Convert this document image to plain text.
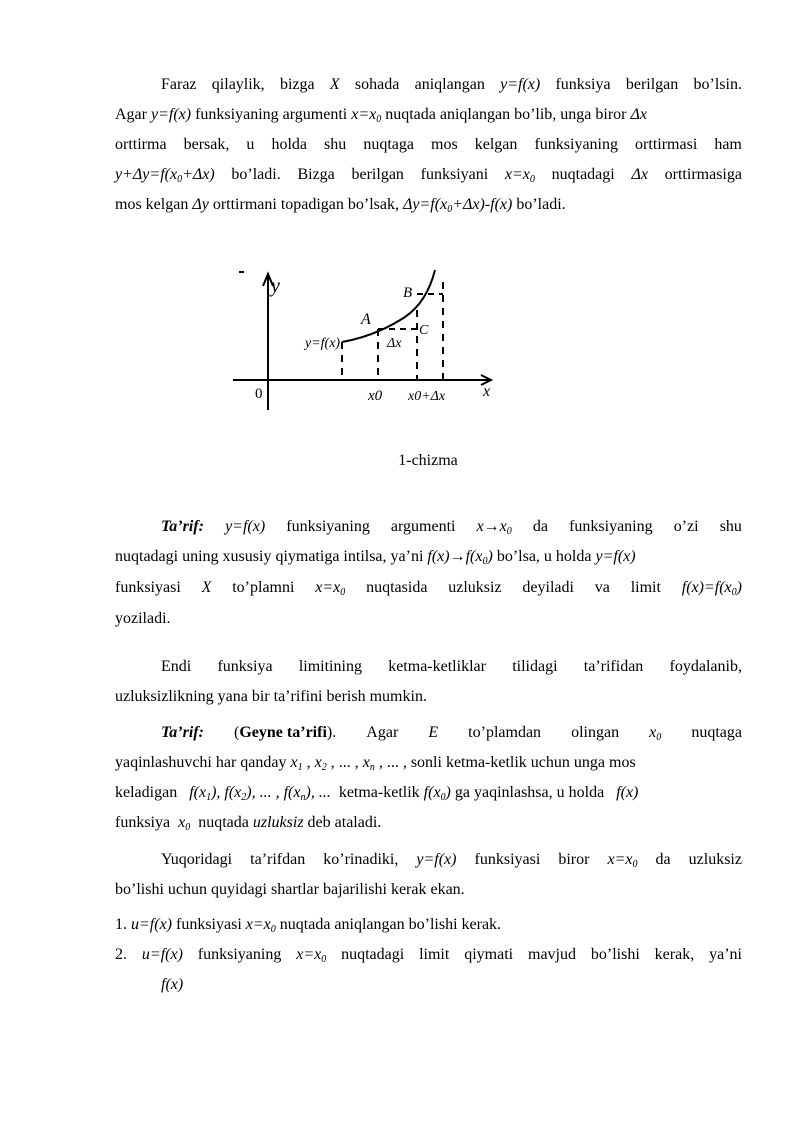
Faraz qilaylik, bizga X sohada aniqlangan y=f(x) funksiya berilgan bo’lsin.
Agar y=f(x) funksiyaning argumenti $x=x_0$ nuqtada aniqlangan bo’lib, unga biror Δx
orttirma bersak, u holda shu nuqtaga mos kelgan funksiyaning orttirmasi ham
$y+\Delta y=f(x_0+\Delta x)$ bo’ladi. Bizga berilgan funksiyani $x=x_0$ nuqtadagi Δx orttirmasiga
mos kelgan Δy orttirmani topadigan bo’lsak, $\Delta y=f(x_0+\Delta x)-f(x)$ bo’ladi.
y
0
y=f(x)
A
B
C
Δx
x0 x0+Δx x
1-chizma
Ta’rif: y=f(x) funksiyaning argumenti $x\to x_0$ da funksiyaning o’zi shu
nuqtadagi uning xususiy qiymatiga intilsa, ya’ni $f(x)\to f(x_0)$ bo’lsa, u holda y=f(x)
funksiyasi X to’plamni $x=x_0$ nuqtasida uzluksiz deyiladi va limit $f(x)=f(x_0)$
yoziladi.
Endi funksiya limitining ketma-ketliklar tilidagi ta’rifidan foydalanib,
uzluksizlikning yana bir ta’rifini berish mumkin.
Ta’rif: (Geyne ta’rifi). Agar E to’plamdan olingan $x_0$ nuqtaga
yaqinlashuvchi har qanday $x_1$ , $x_2$ , ... , $x_n$ , ... , sonli ketma-ketlik uchun unga mos
keladigan   $f(x_1)$, $f(x_2)$, ... , $f(x_n)$, ...  ketma-ketlik $f(x_0)$ ga yaqinlashsa, u holda   f(x)
funksiya  $x_0$  nuqtada uzluksiz deb ataladi.
Yuqoridagi ta’rifdan ko’rinadiki, y=f(x) funksiyasi biror $x=x_0$ da uzluksiz
bo’lishi uchun quyidagi shartlar bajarilishi kerak ekan.
1. u=f(x) funksiyasi $x=x_0$ nuqtada aniqlangan bo’lishi kerak.
2. u=f(x) funksiyaning $x=x_0$ nuqtadagi limit qiymati mavjud bo’lishi kerak, ya’ni
f(x)
